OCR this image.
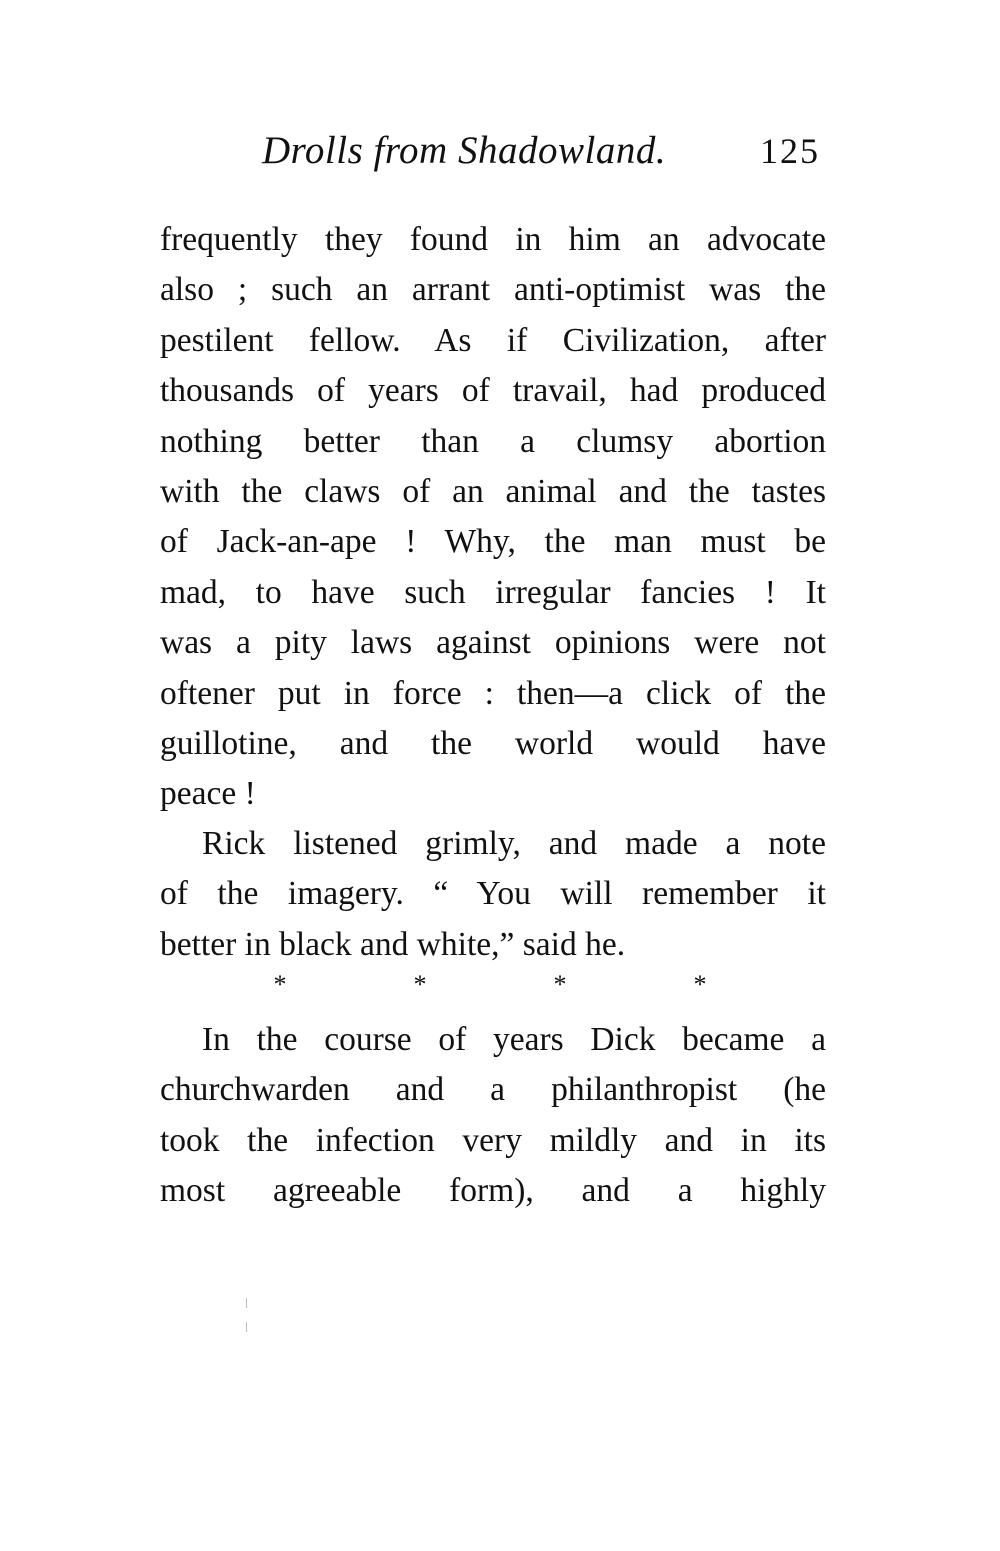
Drolls from Shadowland.	125
frequently they found in him an advocate
also ; such an arrant anti-optimist was the
pestilent fellow. As if Civilization, after
thousands of years of travail, had produced
nothing better than a clumsy abortion
with the claws of an animal and the tastes
of Jack-an-ape ! Why, the man must be
mad, to have such irregular fancies ! It
was a pity laws against opinions were not
oftener put in force : then—a click of the
guillotine, and the world would have
peace !
Rick listened grimly, and made a note
of the imagery. “ You will remember it
better in black and white,” said he.
*	*	*	*
In the course of years Dick became a
churchwarden and a philanthropist (he
took the infection very mildly and in its
most agreeable form), and a highly
